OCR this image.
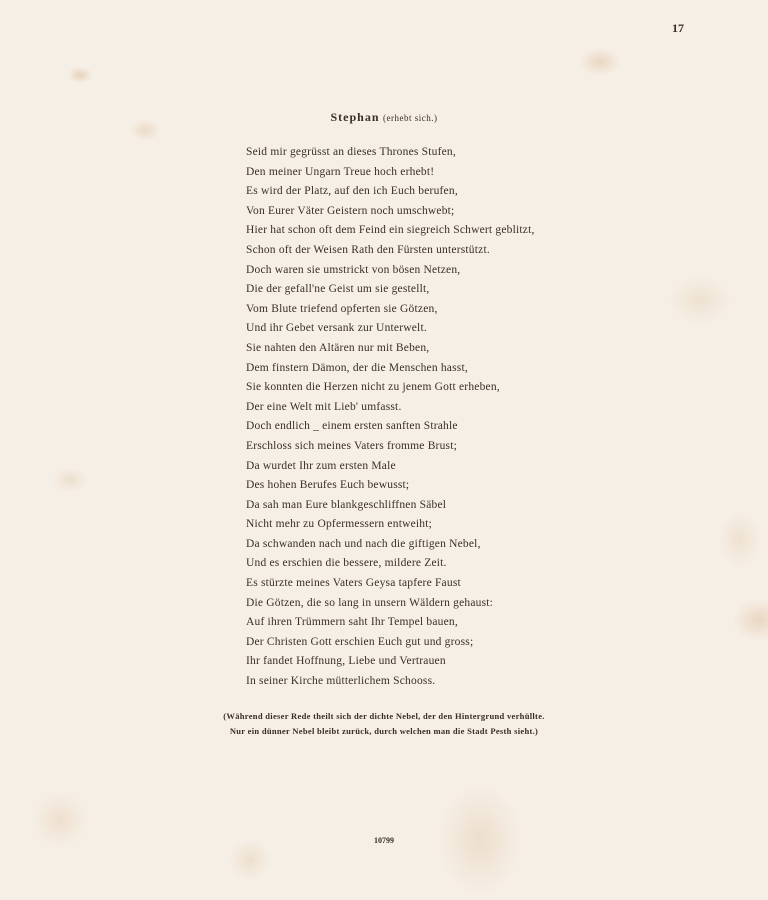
17
Stephan (erhebt sich.)
Seid mir gegrüsst an dieses Thrones Stufen,
Den meiner Ungarn Treue hoch erhebt!
Es wird der Platz, auf den ich Euch berufen,
Von Eurer Väter Geistern noch umschwebt;
Hier hat schon oft dem Feind ein siegreich Schwert geblitzt,
Schon oft der Weisen Rath den Fürsten unterstützt.
Doch waren sie umstrickt von bösen Netzen,
Die der gefall'ne Geist um sie gestellt,
Vom Blute triefend opferten sie Götzen,
Und ihr Gebet versank zur Unterwelt.
Sie nahten den Altären nur mit Beben,
Dem finstern Dämon, der die Menschen hasst,
Sie konnten die Herzen nicht zu jenem Gott erheben,
Der eine Welt mit Lieb' umfasst.
Doch endlich _ einem ersten sanften Strahle
Erschloss sich meines Vaters fromme Brust;
Da wurdet Ihr zum ersten Male
Des hohen Berufes Euch bewusst;
Da sah man Eure blankgeschliffnen Säbel
Nicht mehr zu Opfermessern entweiht;
Da schwanden nach und nach die giftigen Nebel,
Und es erschien die bessere, mildere Zeit.
Es stürzte meines Vaters Geysa tapfere Faust
Die Götzen, die so lang in unsern Wäldern gehaust:
Auf ihren Trümmern saht Ihr Tempel bauen,
Der Christen Gott erschien Euch gut und gross;
Ihr fandet Hoffnung, Liebe und Vertrauen
In seiner Kirche mütterlichem Schooss.
(Während dieser Rede theilt sich der dichte Nebel, der den Hintergrund verhüllte.
Nur ein dünner Nebel bleibt zurück, durch welchen man die Stadt Pesth sieht.)
10799
